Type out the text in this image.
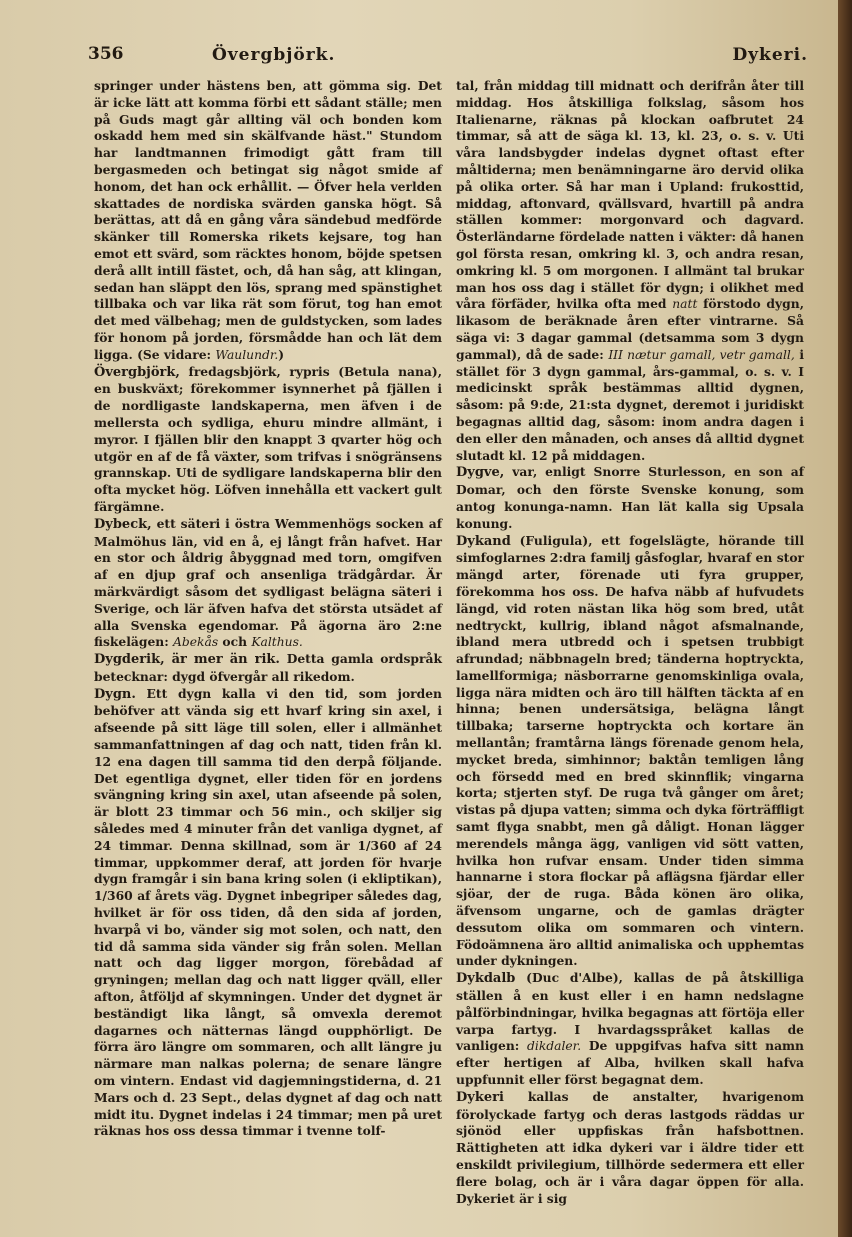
356	Övergbjörk.	Dykeri.

springer under hästens ben, att gömma sig. Det är icke lätt att komma förbi ett sådant ställe; men på Guds magt går allting väl och bonden kom oskadd hem med sin skälfvande häst." Stundom har landtmannen frimodigt gått fram till bergasmeden och betingat sig något smide af honom, det han ock erhållit. — Öfver hela verlden skattades de nordiska svärden ganska högt. Så berättas, att då en gång våra sändebud medförde skänker till Romerska rikets kejsare, tog han emot ett svärd, som räcktes honom, böjde spetsen derå allt intill fästet, och, då han såg, att klingan, sedan han släppt den lös, sprang med spänstighet tillbaka och var lika rät som förut, tog han emot det med välbehag; men de guldstycken, som lades för honom på jorden, försmådde han och lät dem ligga. (Se vidare: Waulundr.)

Övergbjörk, fredagsbjörk, rypris (Betula nana), en buskväxt; förekommer isynnerhet på fjällen i de nordligaste landskaperna, men äfven i de mellersta och sydliga, ehuru mindre allmänt, i myror. I fjällen blir den knappt 3 qvarter hög och utgör en af de få växter, som trifvas i snögränsens grannskap. Uti de sydligare landskaperna blir den ofta mycket hög. Löfven innehålla ett vackert gult färgämne.

Dybeck, ett säteri i östra Wemmenhögs socken af Malmöhus län, vid en å, ej långt från hafvet. Har en stor och åldrig åbyggnad med torn, omgifven af en djup graf och ansenliga trädgårdar. Är märkvärdigt såsom det sydligast belägna säteri i Sverige, och lär äfven hafva det största utsädet af alla Svenska egendomar. På ägorna äro 2:ne fiskelägen: Abekås och Kalthus.

Dygderik, är mer än rik. Detta gamla ordspråk betecknar: dygd öfvergår all rikedom.

Dygn. Ett dygn kalla vi den tid, som jorden behöfver att vända sig ett hvarf kring sin axel, i afseende på sitt läge till solen, eller i allmänhet sammanfattningen af dag och natt, tiden från kl. 12 ena dagen till samma tid den derpå följande. Det egentliga dygnet, eller tiden för en jordens svängning kring sin axel, utan afseende på solen, är blott 23 timmar och 56 min., och skiljer sig således med 4 minuter från det vanliga dygnet, af 24 timmar. Denna skillnad, som är 1/360 af 24 timmar, uppkommer deraf, att jorden för hvarje dygn framgår i sin bana kring solen (i ekliptikan), 1/360 af årets väg. Dygnet inbegriper således dag, hvilket är för oss tiden, då den sida af jorden, hvarpå vi bo, vänder sig mot solen, och natt, den tid då samma sida vänder sig från solen. Mellan natt och dag ligger morgon, förebådad af gryningen; mellan dag och natt ligger qväll, eller afton, åtföljd af skymningen. Under det dygnet är beständigt lika långt, så omvexla deremot dagarnes och nätternas längd oupphörligt. De förra äro längre om sommaren, och allt längre ju närmare man nalkas polerna; de senare längre om vintern. Endast vid dagjemningstiderna, d. 21 Mars och d. 23 Sept., delas dygnet af dag och natt midt itu. Dygnet indelas i 24 timmar; men på uret räknas hos oss dessa timmar i tvenne tolf-

tal, från middag till midnatt och derifrån åter till middag. Hos åtskilliga folkslag, såsom hos Italienarne, räknas på klockan oafbrutet 24 timmar, så att de säga kl. 13, kl. 23, o. s. v. Uti våra landsbygder indelas dygnet oftast efter måltiderna; men benämningarne äro dervid olika på olika orter. Så har man i Upland: frukosttid, middag, aftonvard, qvällsvard, hvartill på andra ställen kommer: morgonvard och dagvard. Österländarne fördelade natten i väkter: då hanen gol första resan, omkring kl. 3, och andra resan, omkring kl. 5 om morgonen. I allmänt tal brukar man hos oss dag i stället för dygn; i olikhet med våra förfäder, hvilka ofta med natt förstodo dygn, likasom de beräknade åren efter vintrarne. Så säga vi: 3 dagar gammal (detsamma som 3 dygn gammal), då de sade: III nætur gamall, vetr gamall, i stället för 3 dygn gammal, års-gammal, o. s. v. I medicinskt språk bestämmas alltid dygnen, såsom: på 9:de, 21:sta dygnet, deremot i juridiskt begagnas alltid dag, såsom: inom andra dagen i den eller den månaden, och anses då alltid dygnet slutadt kl. 12 på middagen.

Dygve, var, enligt Snorre Sturlesson, en son af Domar, och den förste Svenske konung, som antog konunga-namn. Han lät kalla sig Upsala konung.

Dykand (Fuligula), ett fogelslägte, hörande till simfoglarnes 2:dra familj gåsfoglar, hvaraf en stor mängd arter, förenade uti fyra grupper, förekomma hos oss. De hafva näbb af hufvudets längd, vid roten nästan lika hög som bred, utåt nedtryckt, kullrig, ibland något afsmalnande, ibland mera utbredd och i spetsen trubbigt afrundad; näbbnageln bred; tänderna hoptryckta, lamellformiga; näsborrarne genomskinliga ovala, ligga nära midten och äro till hälften täckta af en hinna; benen undersätsiga, belägna långt tillbaka; tarserne hoptryckta och kortare än mellantån; framtårna längs förenade genom hela, mycket breda, simhinnor; baktån temligen lång och försedd med en bred skinnflik; vingarna korta; stjerten styf. De ruga två gånger om året; vistas på djupa vatten; simma och dyka förträffligt samt flyga snabbt, men gå dåligt. Honan lägger merendels många ägg, vanligen vid sött vatten, hvilka hon rufvar ensam. Under tiden simma hannarne i stora flockar på aflägsna fjärdar eller sjöar, der de ruga. Båda könen äro olika, äfvensom ungarne, och de gamlas drägter dessutom olika om sommaren och vintern. Födoämnena äro alltid animaliska och upphemtas under dykningen.

Dykdalb (Duc d'Albe), kallas de på åtskilliga ställen å en kust eller i en hamn nedslagne pålförbindningar, hvilka begagnas att förtöja eller varpa fartyg. I hvardagsspråket kallas de vanligen: dikdaler. De uppgifvas hafva sitt namn efter hertigen af Alba, hvilken skall hafva uppfunnit eller först begagnat dem.

Dykeri kallas de anstalter, hvarigenom förolyckade fartyg och deras lastgods räddas ur sjönöd eller uppfiskas från hafsbottnen. Rättigheten att idka dykeri var i äldre tider ett enskildt privilegium, tillhörde sedermera ett eller flere bolag, och är i våra dagar öppen för alla. Dykeriet är i sig
